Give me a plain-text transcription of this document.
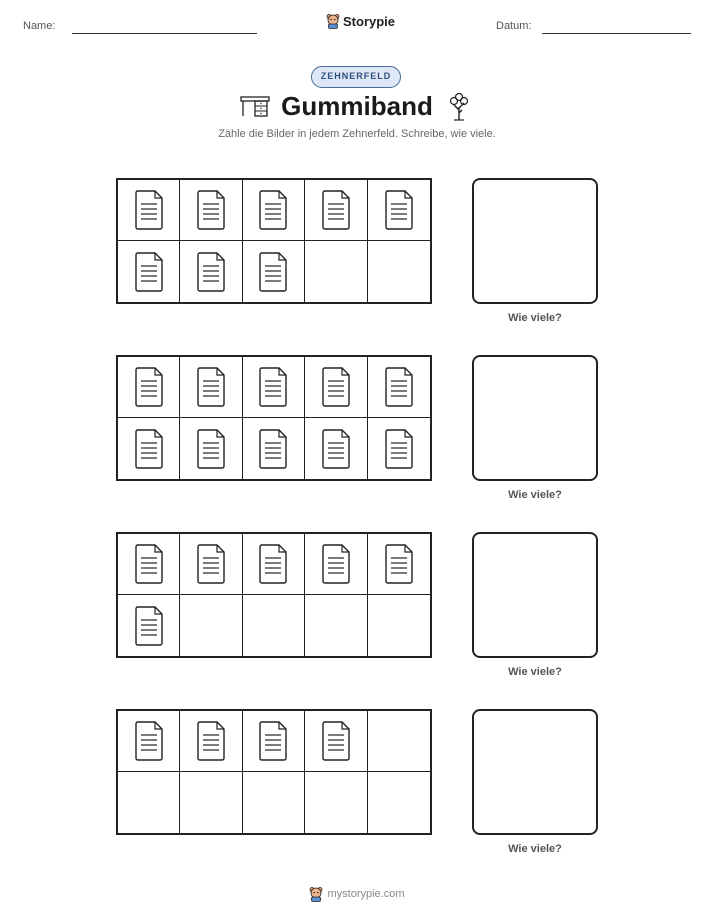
Name:	Storypie	Datum:
ZEHNERFELD
Gummiband
Zähle die Bilder in jedem Zehnerfeld. Schreibe, wie viele.
Wie viele?
Wie viele?
Wie viele?
Wie viele?
mystorypie.com
